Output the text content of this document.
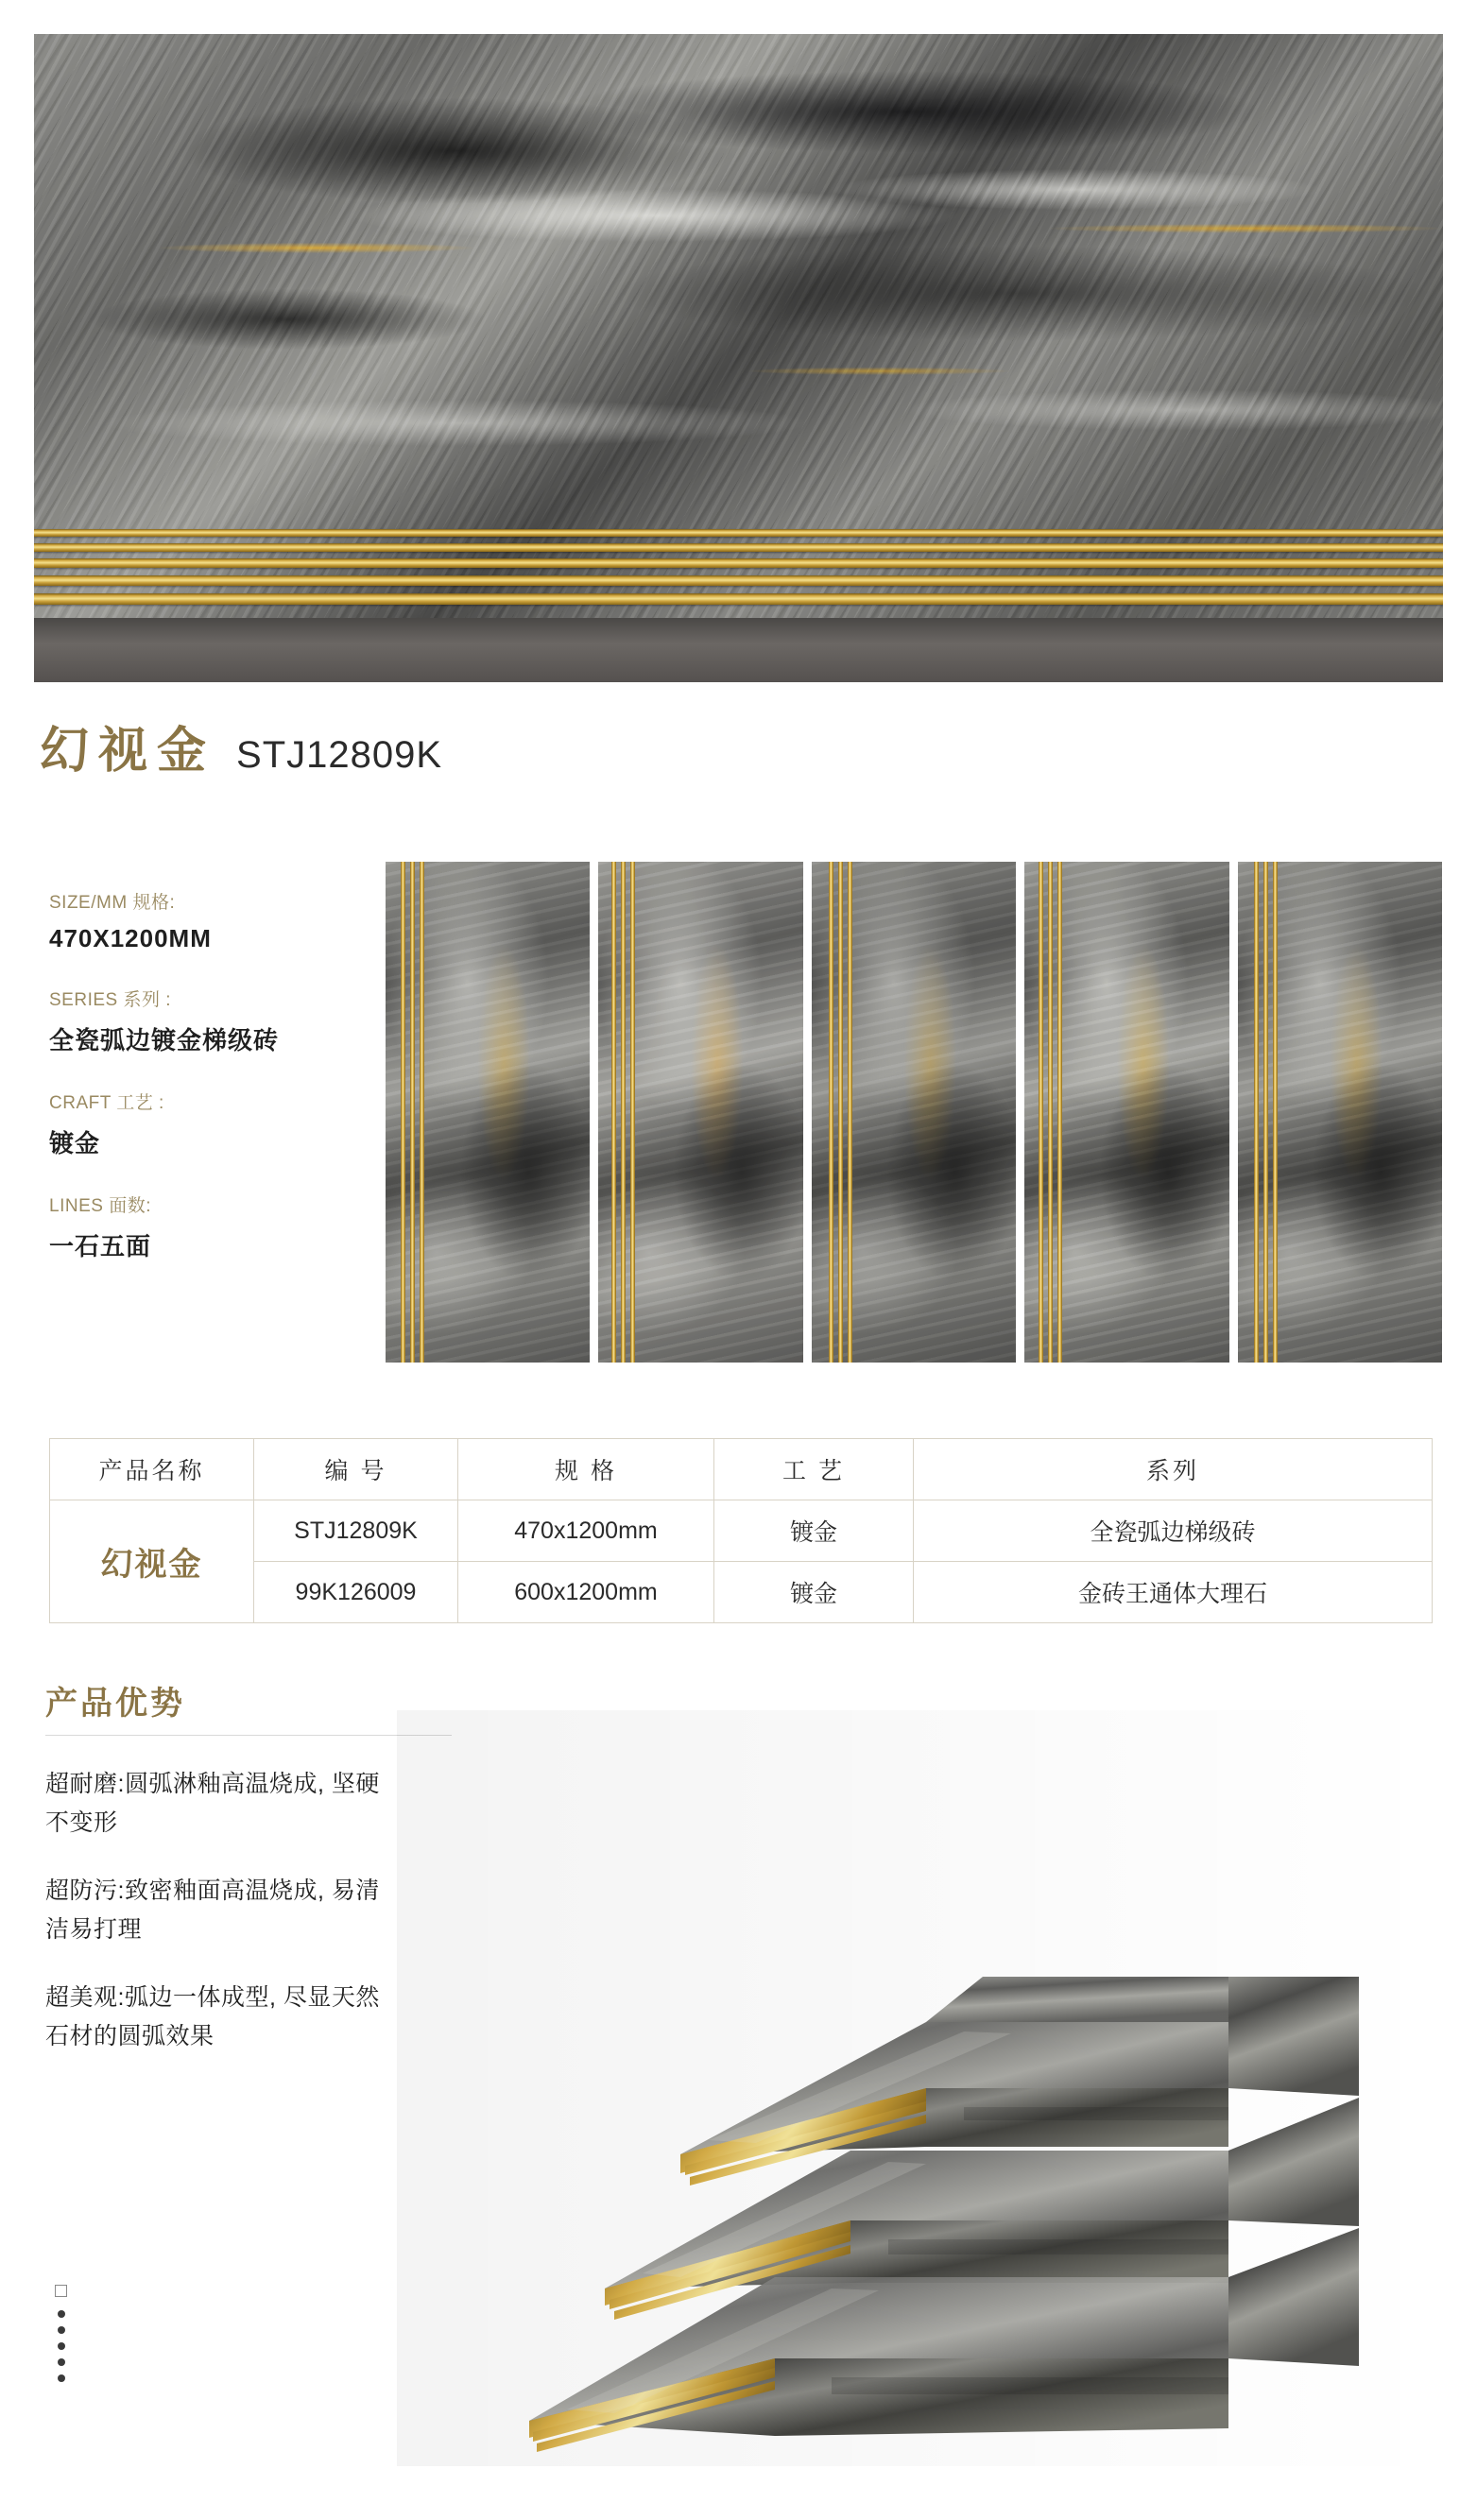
幻视金 STJ12809K
SIZE/MM 规格:
470X1200MM
SERIES 系列 :
全瓷弧边镀金梯级砖
CRAFT 工艺 :
镀金
LINES 面数:
一石五面
产品名称	编 号	规 格	工 艺	系列
幻视金	STJ12809K	470x1200mm	镀金	全瓷弧边梯级砖
	99K126009	600x1200mm	镀金	金砖王通体大理石
产品优势
超耐磨:圆弧淋釉高温烧成, 坚硬不变形
超防污:致密釉面高温烧成, 易清洁易打理
超美观:弧边一体成型, 尽显天然石材的圆弧效果
